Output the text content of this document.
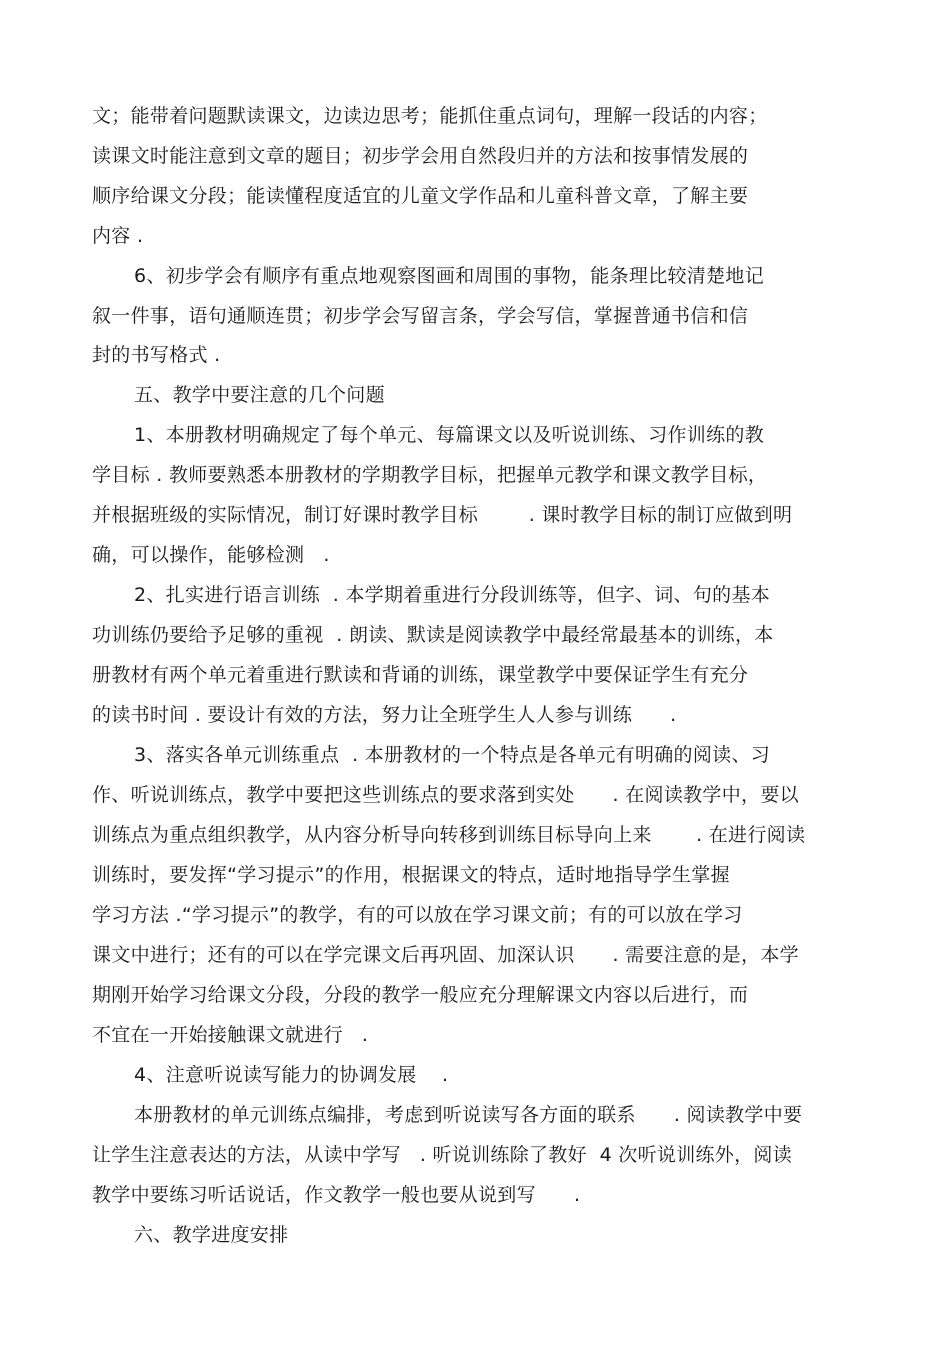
文；能带着问题默读课文，边读边思考；能抓住重点词句，理解一段话的内容；
读课文时能注意到文章的题目；初步学会用自然段归并的方法和按事情发展的
顺序给课文分段；能读懂程度适宜的儿童文学作品和儿童科普文章，了解主要
内容 .
6、初步学会有顺序有重点地观察图画和周围的事物，能条理比较清楚地记
叙一件事，语句通顺连贯；初步学会写留言条，学会写信，掌握普通书信和信
封的书写格式 .
五、教学中要注意的几个问题
1、本册教材明确规定了每个单元、每篇课文以及听说训练、习作训练的教
学目标 . 教师要熟悉本册教材的学期教学目标，把握单元教学和课文教学目标，
并根据班级的实际情况，制订好课时教学目标        . 课时教学目标的制订应做到明
确，可以操作，能够检测   .
2、扎实进行语言训练  . 本学期着重进行分段训练等，但字、词、句的基本
功训练仍要给予足够的重视  . 朗读、默读是阅读教学中最经常最基本的训练，本
册教材有两个单元着重进行默读和背诵的训练，课堂教学中要保证学生有充分
的读书时间 . 要设计有效的方法，努力让全班学生人人参与训练      .
3、落实各单元训练重点  . 本册教材的一个特点是各单元有明确的阅读、习
作、听说训练点，教学中要把这些训练点的要求落到实处      . 在阅读教学中，要以
训练点为重点组织教学，从内容分析导向转移到训练目标导向上来       . 在进行阅读
训练时，要发挥“学习提示”的作用，根据课文的特点，适时地指导学生掌握
学习方法 .“学习提示”的教学，有的可以放在学习课文前；有的可以放在学习
课文中进行；还有的可以在学完课文后再巩固、加深认识      . 需要注意的是，本学
期刚开始学习给课文分段，分段的教学一般应充分理解课文内容以后进行，而
不宜在一开始接触课文就进行   .
4、注意听说读写能力的协调发展    .
本册教材的单元训练点编排，考虑到听说读写各方面的联系      . 阅读教学中要
让学生注意表达的方法，从读中学写   . 听说训练除了教好  4 次听说训练外，阅读
教学中要练习听话说话，作文教学一般也要从说到写      .
六、教学进度安排
